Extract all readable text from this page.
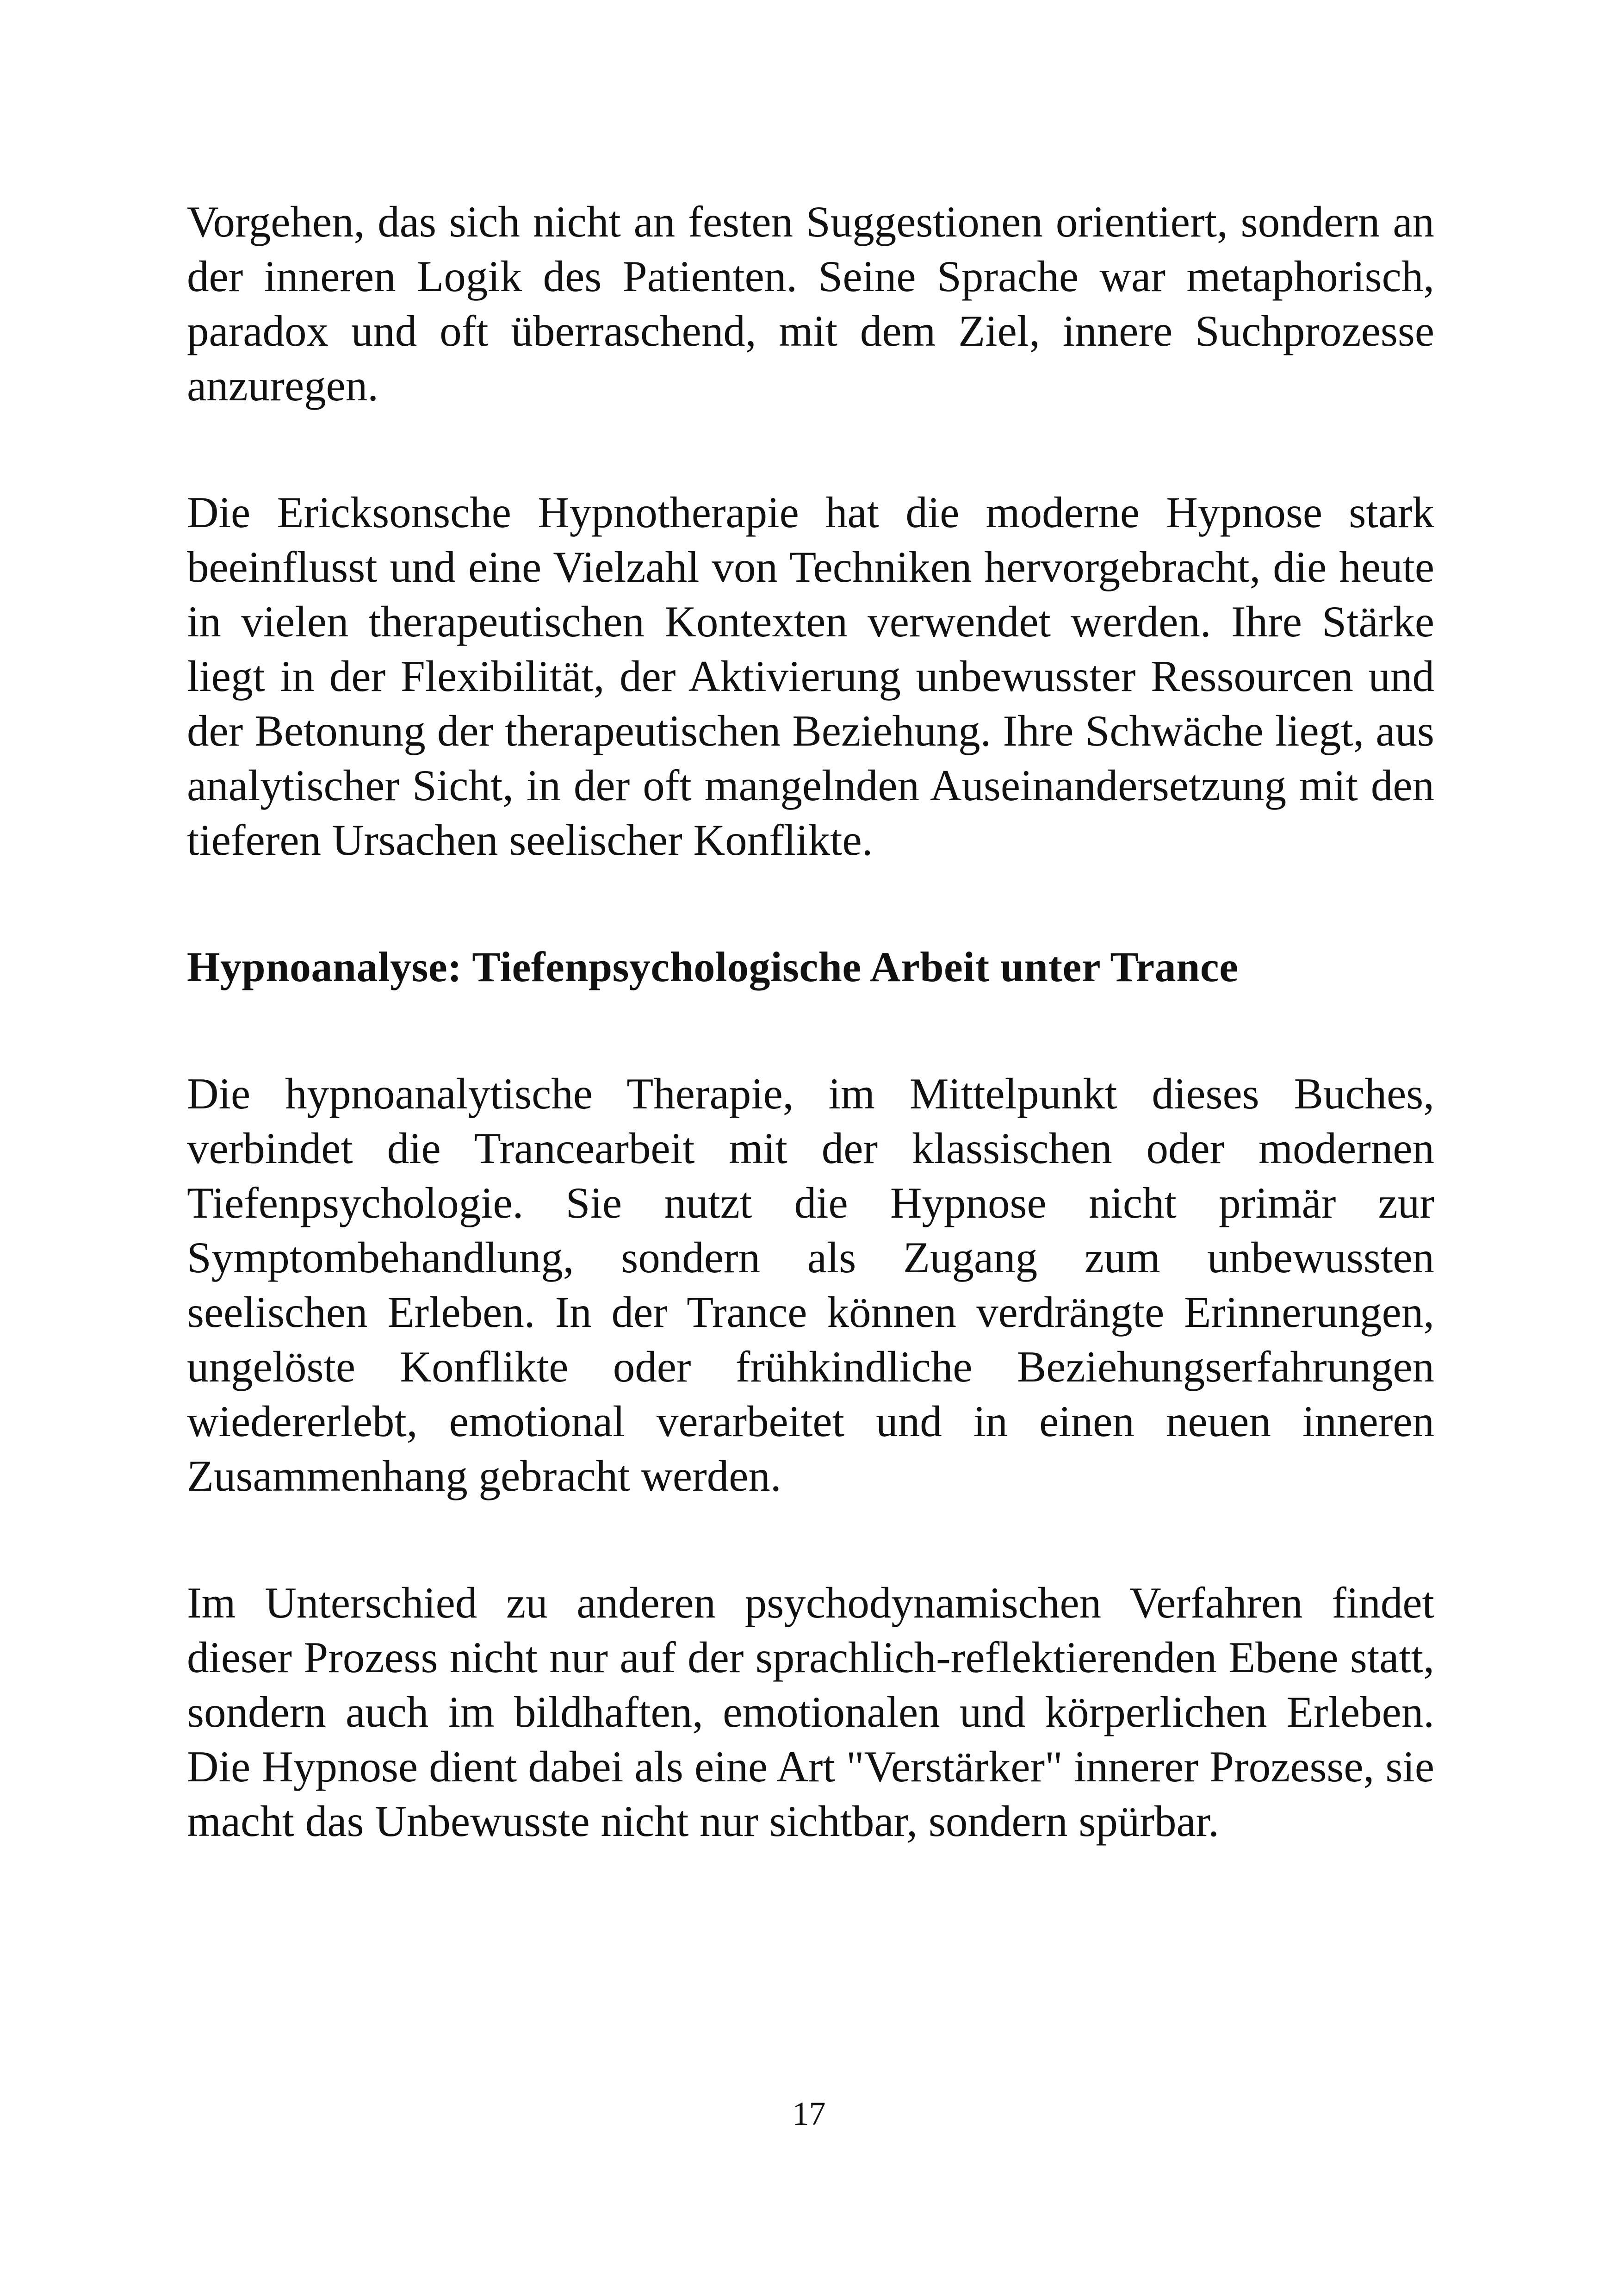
Vorgehen, das sich nicht an festen Suggestionen orientiert, sondern an der inneren Logik des Patienten. Seine Sprache war metaphorisch, paradox und oft überraschend, mit dem Ziel, innere Suchprozesse anzuregen.

Die Ericksonsche Hypnotherapie hat die moderne Hypnose stark beeinflusst und eine Vielzahl von Techniken hervorgebracht, die heute in vielen therapeutischen Kontexten verwendet werden. Ihre Stärke liegt in der Flexibilität, der Aktivierung unbewusster Ressourcen und der Betonung der therapeutischen Beziehung. Ihre Schwäche liegt, aus analytischer Sicht, in der oft mangelnden Auseinandersetzung mit den tieferen Ursachen seelischer Konflikte.

Hypnoanalyse: Tiefenpsychologische Arbeit unter Trance

Die hypnoanalytische Therapie, im Mittelpunkt dieses Buches, verbindet die Trancearbeit mit der klassischen oder modernen Tiefenpsychologie. Sie nutzt die Hypnose nicht primär zur Symptombehandlung, sondern als Zugang zum unbewussten seelischen Erleben. In der Trance können verdrängte Erinnerungen, ungelöste Konflikte oder frühkindliche Beziehungserfahrungen wiedererlebt, emotional verarbeitet und in einen neuen inneren Zusammenhang gebracht werden.

Im Unterschied zu anderen psychodynamischen Verfahren findet dieser Prozess nicht nur auf der sprachlich-reflektierenden Ebene statt, sondern auch im bildhaften, emotionalen und körperlichen Erleben. Die Hypnose dient dabei als eine Art "Verstärker" innerer Prozesse, sie macht das Unbewusste nicht nur sichtbar, sondern spürbar.

17
